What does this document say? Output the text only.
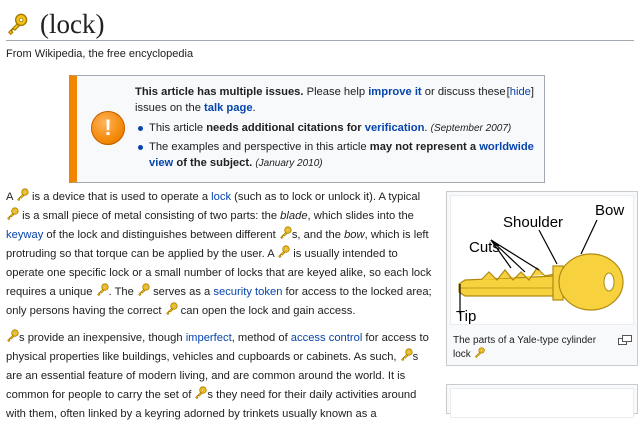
(lock)
From Wikipedia, the free encyclopedia
!
[hide]

This article has multiple issues. Please help improve it or discuss these issues on the talk page.

This article needs additional citations for verification. (September 2007)
The examples and perspective in this article may not represent a worldwide view of the subject. (January 2010)

A  is a device that is used to operate a lock (such as to lock or unlock it). A typical  is a small piece of metal consisting of two parts: the blade, which slides into the keyway of the lock and distinguishes between different s, and the bow, which is left protruding so that torque can be applied by the user. A  is usually intended to operate one specific lock or a small number of locks that are keyed alike, so each lock requires a unique . The  serves as a security token for access to the locked area; only persons having the correct  can open the lock and gain access.

s provide an inexpensive, though imperfect, method of access control for access to physical properties like buildings, vehicles and cupboards or cabinets. As such, s are an essential feature of modern living, and are common around the world. It is common for people to carry the set of s they need for their daily activities around with them, often linked by a keyring adorned by trinkets usually known as a

Bow
Shoulder
Cuts
Tip
The parts of a Yale-type cylinder lock
